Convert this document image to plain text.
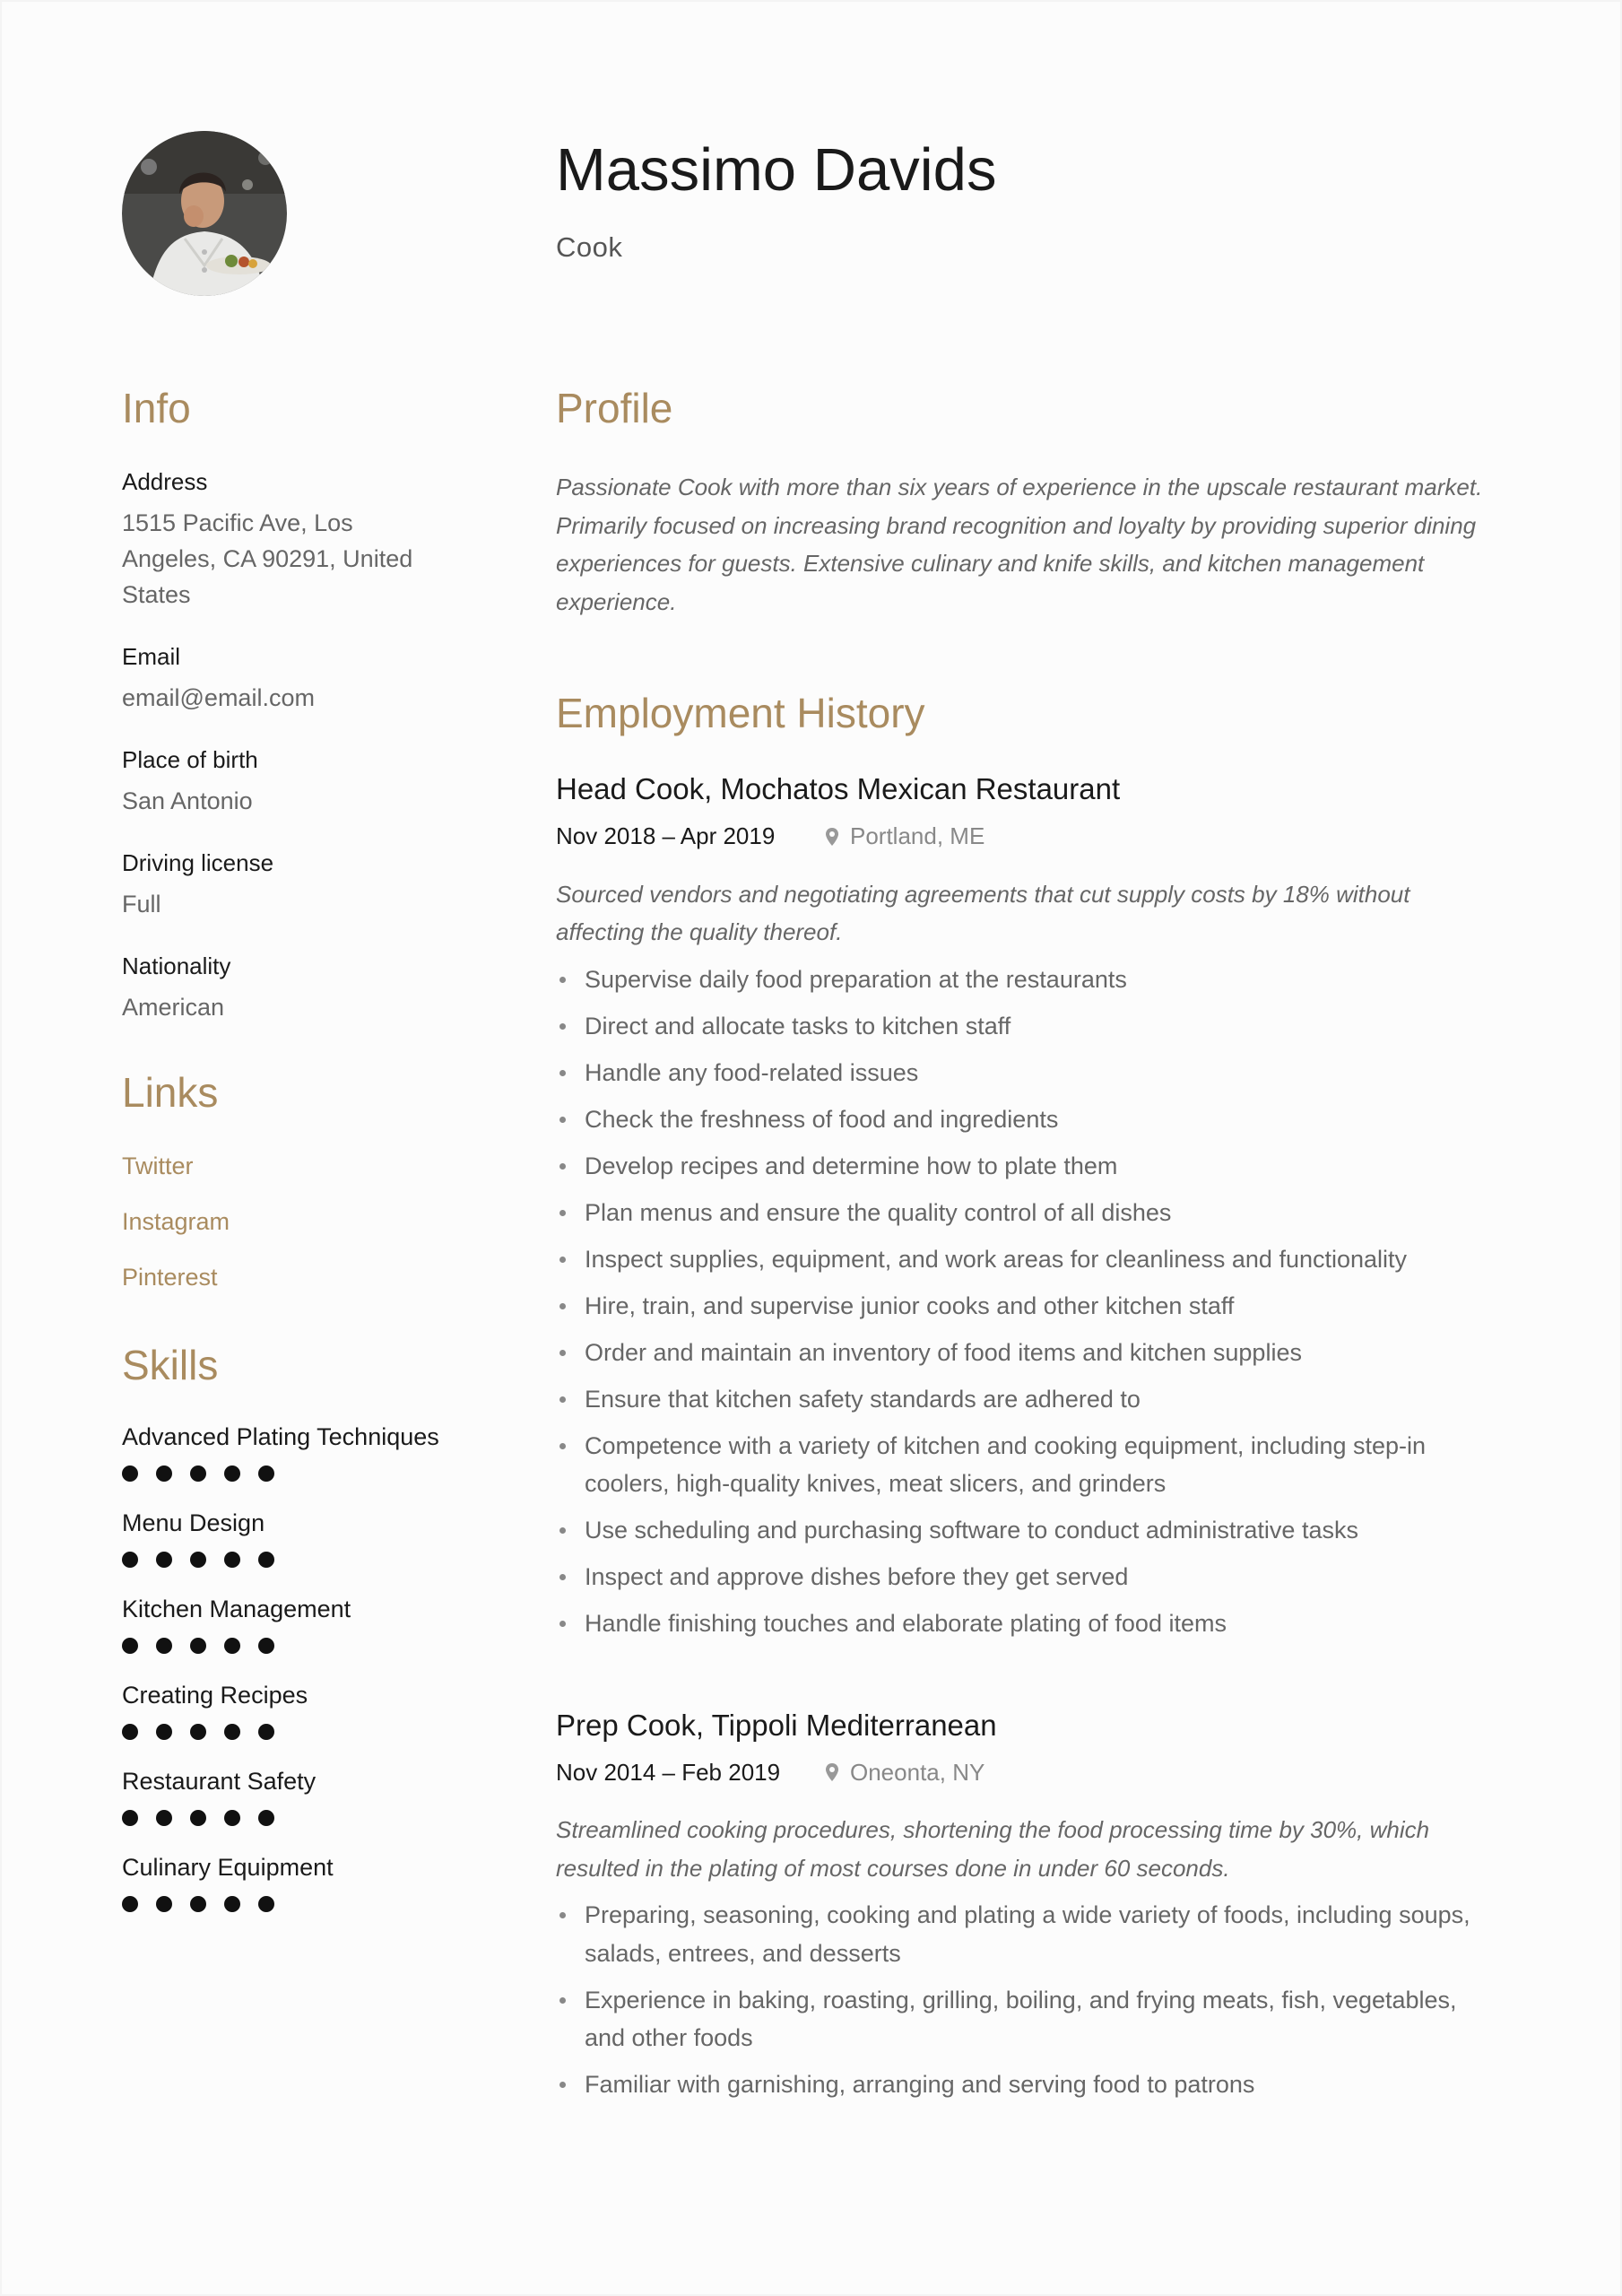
Massimo Davids
Cook
Info

Address

1515 Pacific Ave, Los Angeles, CA 90291, United States

Email

email@email.com

Place of birth

San Antonio

Driving license

Full

Nationality

American

Links
Twitter
Instagram
Pinterest
Skills
Advanced Plating Techniques
Menu Design
Kitchen Management
Creating Recipes
Restaurant Safety
Culinary Equipment
Profile

Passionate Cook with more than six years of experience in the upscale restaurant market. Primarily focused on increasing brand recognition and loyalty by providing superior dining experiences for guests. Extensive culinary and knife skills, and kitchen management experience.

Employment History
Head Cook, Mochatos Mexican Restaurant
Nov 2018 – Apr 2019	Portland, ME

Sourced vendors and negotiating agreements that cut supply costs by 18% without affecting the quality thereof.

Supervise daily food preparation at the restaurants
Direct and allocate tasks to kitchen staff
Handle any food-related issues
Check the freshness of food and ingredients
Develop recipes and determine how to plate them
Plan menus and ensure the quality control of all dishes
Inspect supplies, equipment, and work areas for cleanliness and functionality
Hire, train, and supervise junior cooks and other kitchen staff
Order and maintain an inventory of food items and kitchen supplies
Ensure that kitchen safety standards are adhered to
Competence with a variety of kitchen and cooking equipment, including step-in coolers, high-quality knives, meat slicers, and grinders
Use scheduling and purchasing software to conduct administrative tasks
Inspect and approve dishes before they get served
Handle finishing touches and elaborate plating of food items
Prep Cook, Tippoli Mediterranean
Nov 2014 – Feb 2019	Oneonta, NY

Streamlined cooking procedures, shortening the food processing time by 30%, which resulted in the plating of most courses done in under 60 seconds.

Preparing, seasoning, cooking and plating a wide variety of foods, including soups, salads, entrees, and desserts
Experience in baking, roasting, grilling, boiling, and frying meats, fish, vegetables, and other foods
Familiar with garnishing, arranging and serving food to patrons
